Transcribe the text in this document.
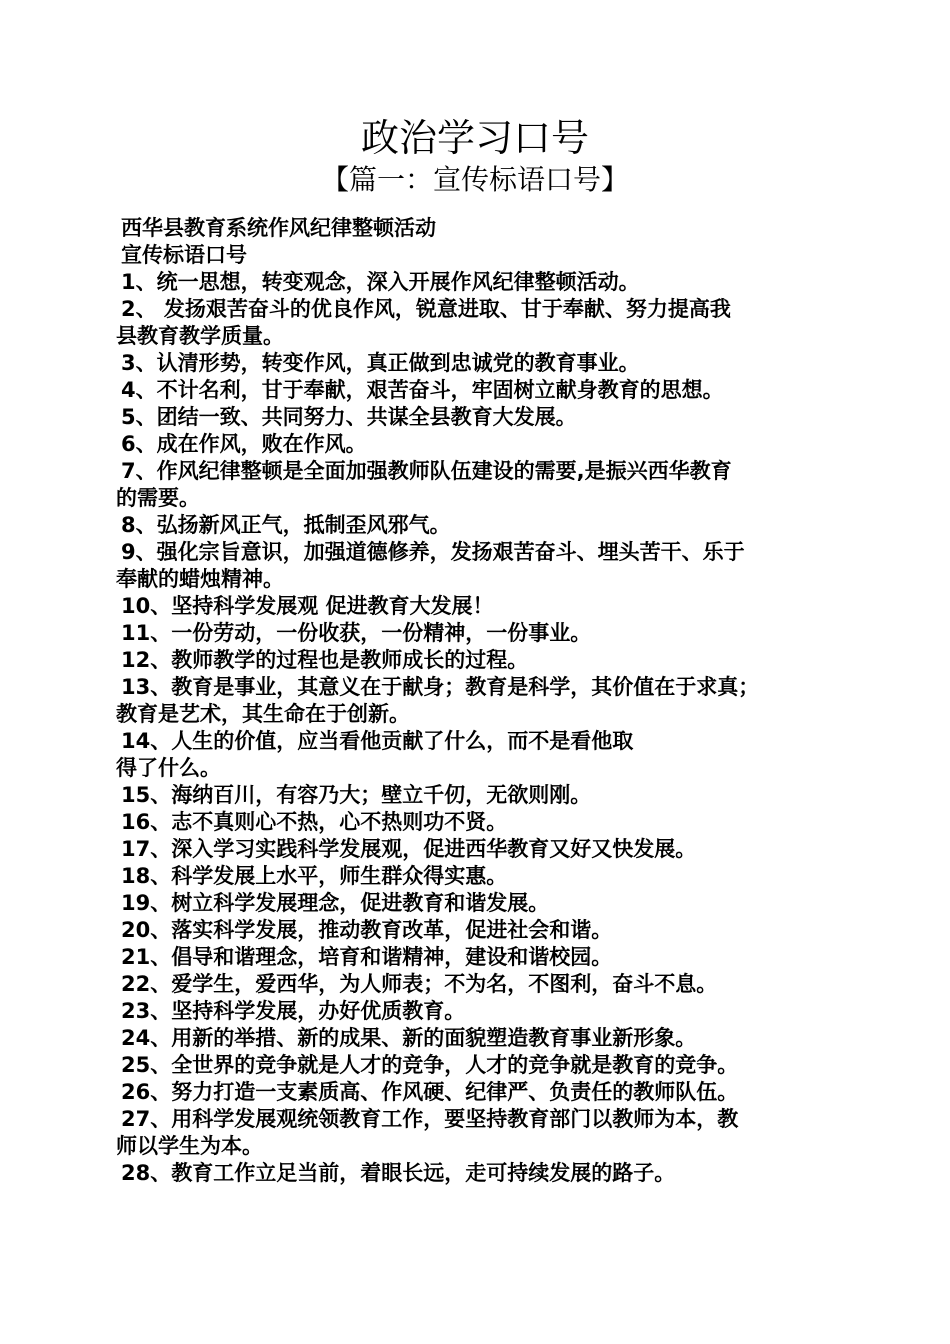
政治学习口号
【篇一：宣传标语口号】
西华县教育系统作风纪律整顿活动
宣传标语口号
1、统一思想，转变观念，深入开展作风纪律整顿活动。
2、 发扬艰苦奋斗的优良作风，锐意进取、甘于奉献、努力提高我
县教育教学质量。
3、认清形势，转变作风，真正做到忠诚党的教育事业。
4、不计名利，甘于奉献，艰苦奋斗，牢固树立献身教育的思想。
5、团结一致、共同努力、共谋全县教育大发展。
6、成在作风，败在作风。
7、作风纪律整顿是全面加强教师队伍建设的需要,是振兴西华教育
的需要。
8、弘扬新风正气，抵制歪风邪气。
9、强化宗旨意识，加强道德修养，发扬艰苦奋斗、埋头苦干、乐于
奉献的蜡烛精神。
10、坚持科学发展观 促进教育大发展！
11、一份劳动，一份收获，一份精神，一份事业。
12、教师教学的过程也是教师成长的过程。
13、教育是事业，其意义在于献身；教育是科学，其价值在于求真；
教育是艺术，其生命在于创新。
14、人生的价值，应当看他贡献了什么，而不是看他取
得了什么。
15、海纳百川，有容乃大；壁立千仞，无欲则刚。
16、志不真则心不热，心不热则功不贤。
17、深入学习实践科学发展观，促进西华教育又好又快发展。
18、科学发展上水平，师生群众得实惠。
19、树立科学发展理念，促进教育和谐发展。
20、落实科学发展，推动教育改革，促进社会和谐。
21、倡导和谐理念，培育和谐精神，建设和谐校园。
22、爱学生，爱西华，为人师表；不为名，不图利，奋斗不息。
23、坚持科学发展，办好优质教育。
24、用新的举措、新的成果、新的面貌塑造教育事业新形象。
25、全世界的竞争就是人才的竞争，人才的竞争就是教育的竞争。
26、努力打造一支素质高、作风硬、纪律严、负责任的教师队伍。
27、用科学发展观统领教育工作，要坚持教育部门以教师为本，教
师以学生为本。
28、教育工作立足当前，着眼长远，走可持续发展的路子。
